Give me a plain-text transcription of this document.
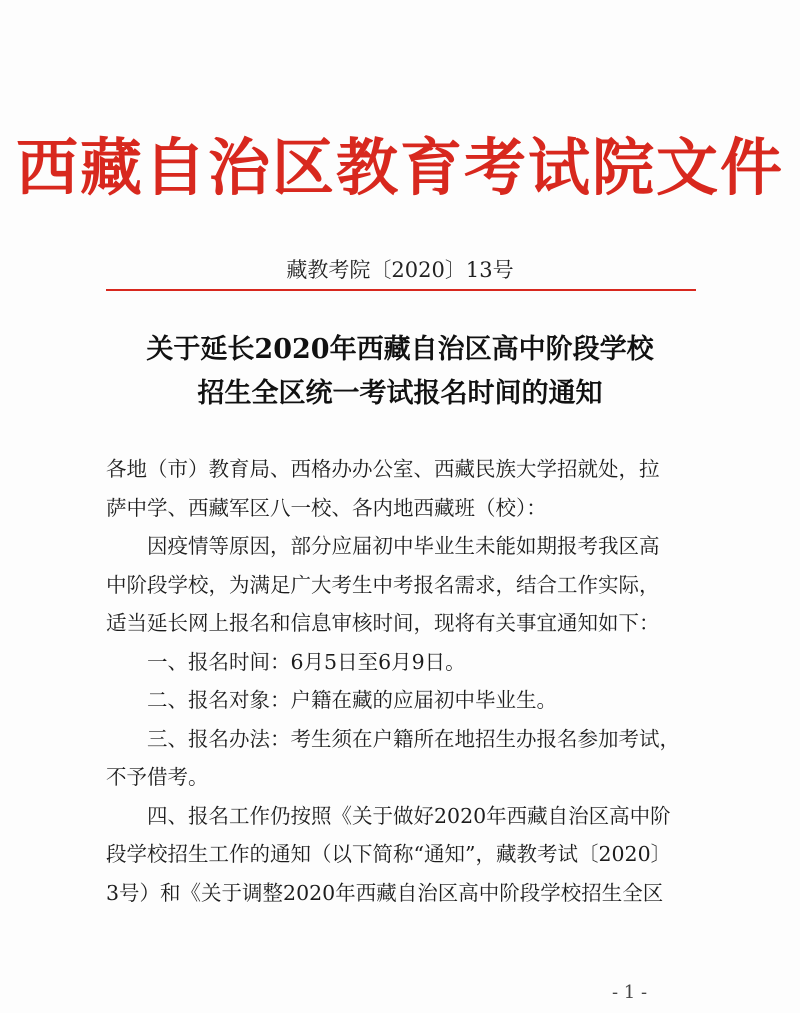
西藏自治区教育考试院文件
藏教考院〔2020〕13号
关于延长2020年西藏自治区高中阶段学校
招生全区统一考试报名时间的通知

各地（市）教育局、西格办办公室、西藏民族大学招就处，拉

萨中学、西藏军区八一校、各内地西藏班（校）：

因疫情等原因，部分应届初中毕业生未能如期报考我区高

中阶段学校，为满足广大考生中考报名需求，结合工作实际，

适当延长网上报名和信息审核时间，现将有关事宜通知如下：

一、报名时间：6月5日至6月9日。

二、报名对象：户籍在藏的应届初中毕业生。

三、报名办法：考生须在户籍所在地招生办报名参加考试，

不予借考。

四、报名工作仍按照《关于做好2020年西藏自治区高中阶

段学校招生工作的通知（以下简称“通知”，藏教考试〔2020〕

3号）和《关于调整2020年西藏自治区高中阶段学校招生全区

- 1 -
